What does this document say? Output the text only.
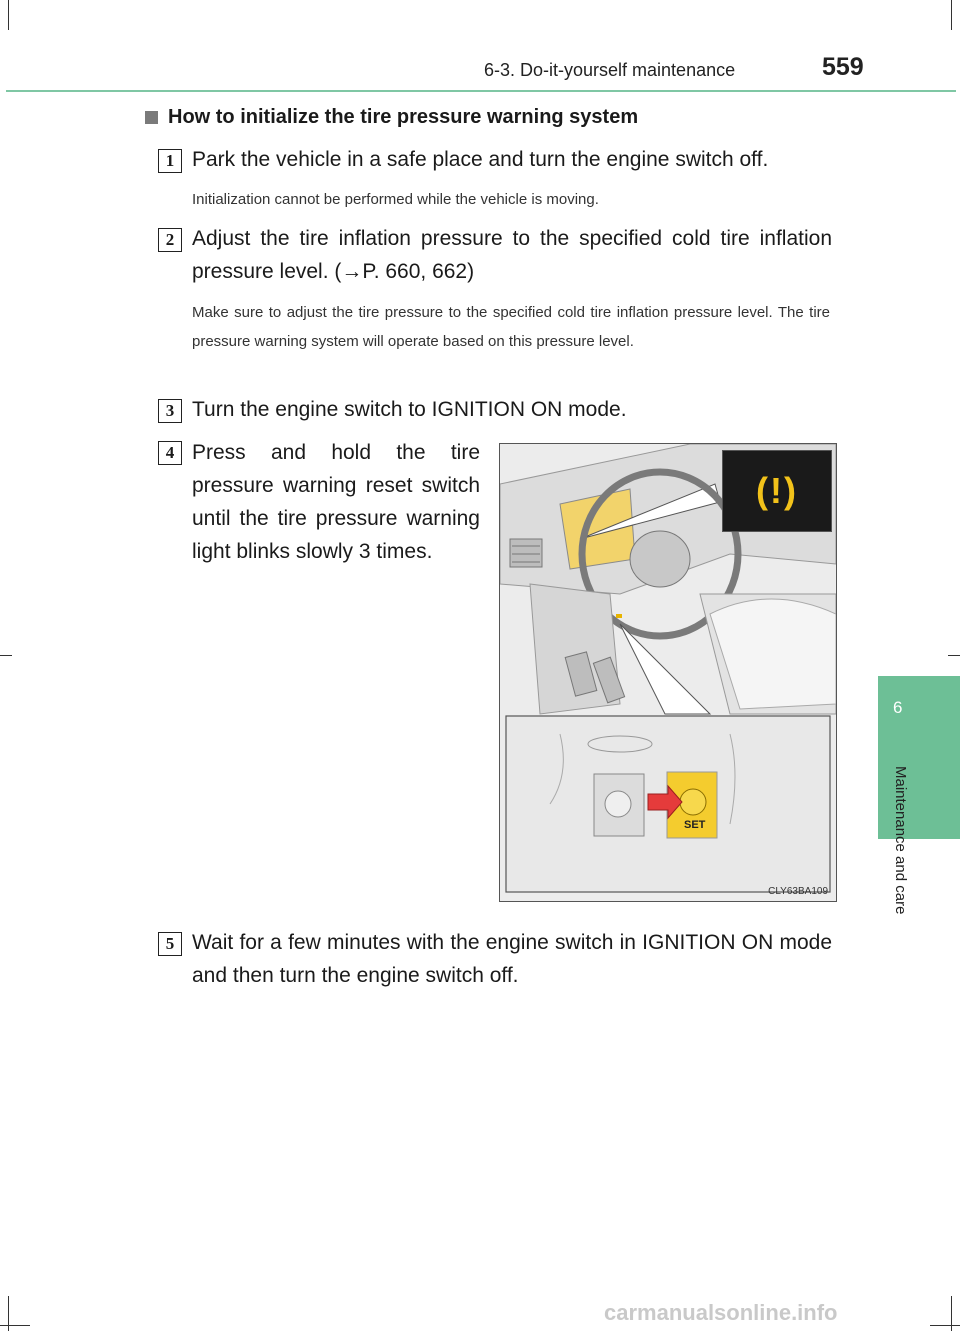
6-3. Do-it-yourself maintenance	559
How to initialize the tire pressure warning system
1 Park the vehicle in a safe place and turn the engine switch off.
Initialization cannot be performed while the vehicle is moving.
2 Adjust the tire inflation pressure to the specified cold tire inflation pressure level. (→P. 660, 662)
Make sure to adjust the tire pressure to the specified cold tire inflation pressure level. The tire pressure warning system will operate based on this pressure level.
3 Turn the engine switch to IGNITION ON mode.
4 Press and hold the tire pressure warning reset switch until the tire pressure warning light blinks slowly 3 times.
(!)
SET
CLY63BA109
5 Wait for a few minutes with the engine switch in IGNITION ON mode and then turn the engine switch off.
6
Maintenance and care
carmanualsonline.info
